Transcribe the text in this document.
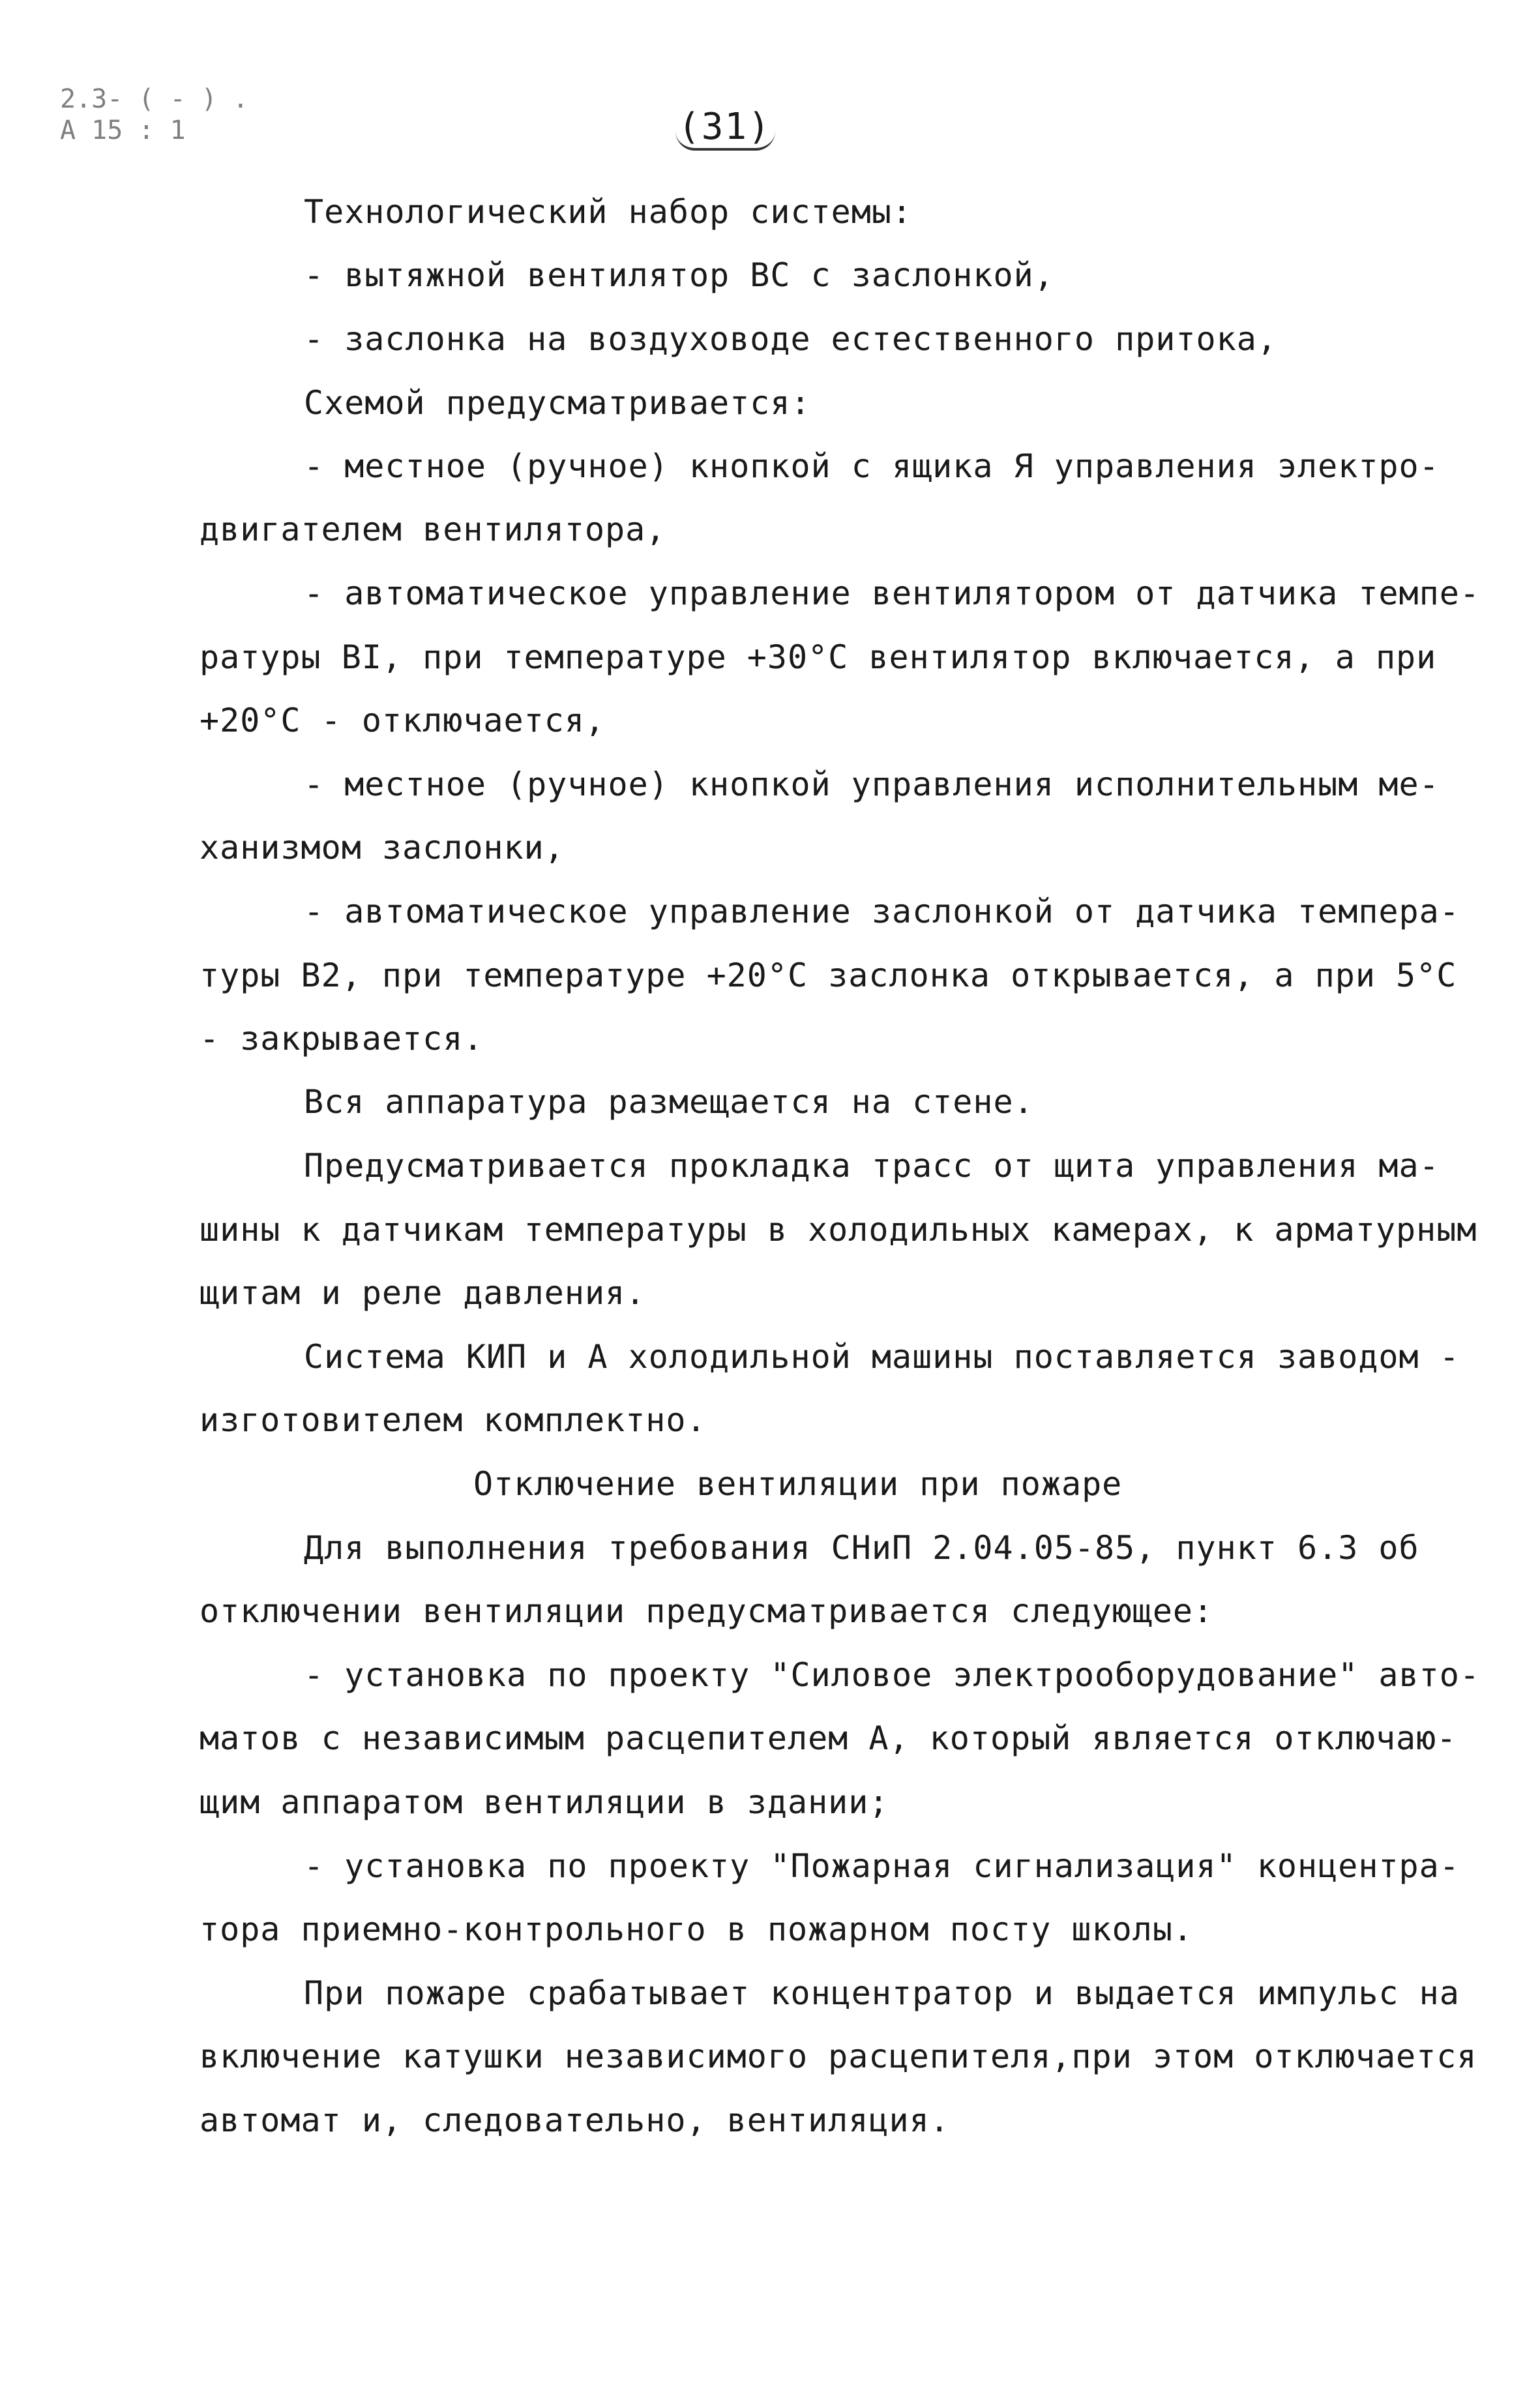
2.3- ( - ) .
А 15 : 1	(31)
Технологический набор системы:
- вытяжной вентилятор ВС с заслонкой,
- заслонка на воздуховоде естественного притока,
Схемой предусматривается:
- местное (ручное) кнопкой с ящика Я управления электро-
двигателем вентилятора,
- автоматическое управление вентилятором от датчика темпе-
ратуры ВI, при температуре +30°С вентилятор включается, а при
+20°С - отключается,
- местное (ручное) кнопкой управления исполнительным ме-
ханизмом заслонки,
- автоматическое управление заслонкой от датчика темпера-
туры В2, при температуре +20°С заслонка открывается, а при 5°С
- закрывается.
Вся аппаратура размещается на стене.
Предусматривается прокладка трасс от щита управления ма-
шины к датчикам температуры в холодильных камерах, к арматурным
щитам и реле давления.
Система КИП и А холодильной машины поставляется заводом -
изготовителем комплектно.
Отключение вентиляции при пожаре
Для выполнения требования СНиП 2.04.05-85, пункт 6.3 об
отключении вентиляции предусматривается следующее:
- установка по проекту "Силовое электрооборудование" авто-
матов с независимым расцепителем А, который является отключаю-
щим аппаратом вентиляции в здании;
- установка по проекту "Пожарная сигнализация" концентра-
тора приемно-контрольного в пожарном посту школы.
При пожаре срабатывает концентратор и выдается импульс на
включение катушки независимого расцепителя,при этом отключается
автомат и, следовательно, вентиляция.
